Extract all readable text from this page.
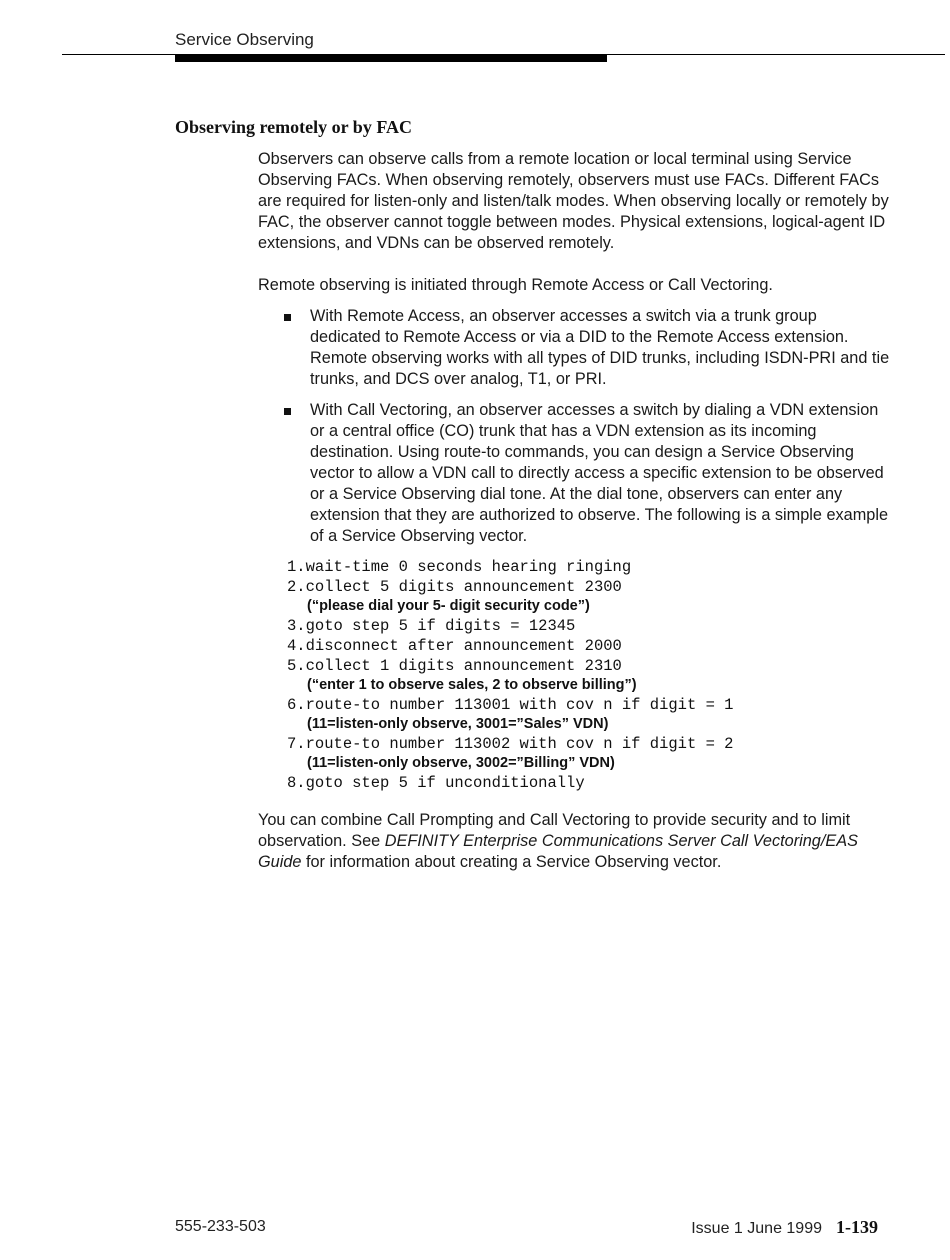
Service Observing
Observing remotely or by FAC

Observers can observe calls from a remote location or local terminal using Service Observing FACs. When observing remotely, observers must use FACs. Different FACs are required for listen-only and listen/talk modes. When observing locally or remotely by FAC, the observer cannot toggle between modes. Physical extensions, logical-agent ID extensions, and VDNs can be observed remotely.

Remote observing is initiated through Remote Access or Call Vectoring.

With Remote Access, an observer accesses a switch via a trunk group dedicated to Remote Access or via a DID to the Remote Access extension. Remote observing works with all types of DID trunks, including ISDN-PRI and tie trunks, and DCS over analog, T1, or PRI.
With Call Vectoring, an observer accesses a switch by dialing a VDN extension or a central office (CO) trunk that has a VDN extension as its incoming destination. Using route-to commands, you can design a Service Observing vector to allow a VDN call to directly access a specific extension to be observed or a Service Observing dial tone. At the dial tone, observers can enter any extension that they are authorized to observe. The following is a simple example of a Service Observing vector.
1.wait-time 0 seconds hearing ringing
2.collect 5 digits announcement 2300
(“please dial your 5- digit security code”)
3.goto step 5 if digits = 12345
4.disconnect after announcement 2000
5.collect 1 digits announcement 2310
(“enter 1 to observe sales, 2 to observe billing”)
6.route-to number 113001 with cov n if digit = 1
(11=listen-only observe, 3001=”Sales” VDN)
7.route-to number 113002 with cov n if digit = 2
(11=listen-only observe, 3002=”Billing” VDN)
8.goto step 5 if unconditionally

You can combine Call Prompting and Call Vectoring to provide security and to limit observation. See DEFINITY Enterprise Communications Server Call Vectoring/EAS Guide for information about creating a Service Observing vector.

555-233-503	Issue 1 June 1999 1-139
